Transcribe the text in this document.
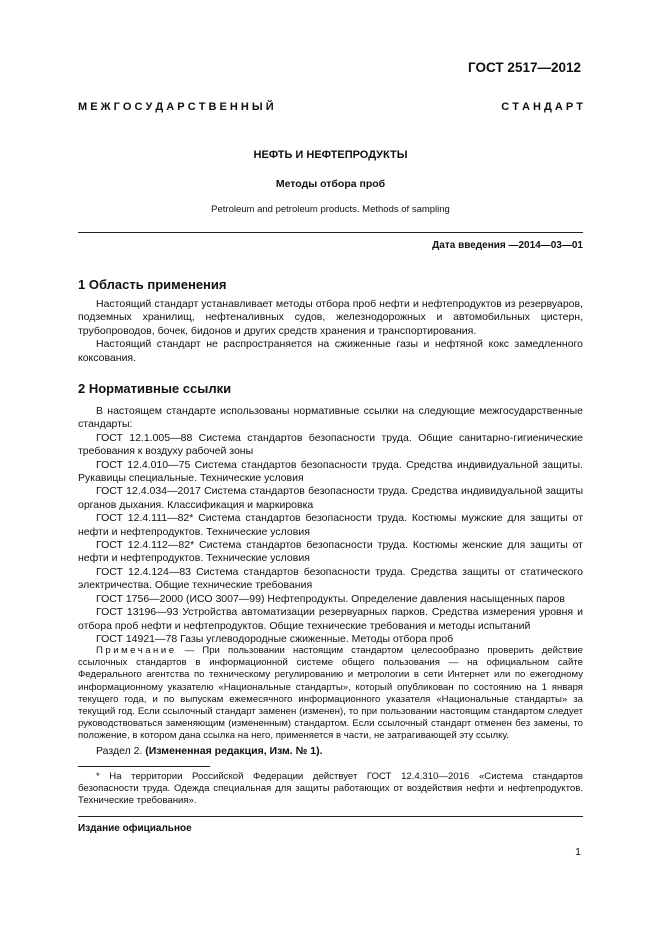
ГОСТ 2517—2012
М Е Ж Г О С У Д А Р С Т В Е Н Н Ы Й	С Т А Н Д А Р Т
НЕФТЬ И НЕФТЕПРОДУКТЫ
Методы отбора проб
Petroleum and petroleum products. Methods of sampling
Дата введения —2014—03—01
1 Область применения

Настоящий стандарт устанавливает методы отбора проб нефти и нефтепродуктов из резервуаров, подземных хранилищ, нефтеналивных судов, железнодорожных и автомобильных цистерн, трубопроводов, бочек, бидонов и других средств хранения и транспортирования.

Настоящий стандарт не распространяется на сжиженные газы и нефтяной кокс замедленного коксования.

2 Нормативные ссылки

В настоящем стандарте использованы нормативные ссылки на следующие межгосударственные стандарты:

ГОСТ 12.1.005—88 Система стандартов безопасности труда. Общие санитарно-гигиенические требования к воздуху рабочей зоны

ГОСТ 12.4.010—75 Система стандартов безопасности труда. Средства индивидуальной защиты. Рукавицы специальные. Технические условия

ГОСТ 12.4.034—2017 Система стандартов безопасности труда. Средства индивидуальной защиты органов дыхания. Классификация и маркировка

ГОСТ 12.4.111—82* Система стандартов безопасности труда. Костюмы мужские для защиты от нефти и нефтепродуктов. Технические условия

ГОСТ 12.4.112—82* Система стандартов безопасности труда. Костюмы женские для защиты от нефти и нефтепродуктов. Технические условия

ГОСТ 12.4.124—83 Система стандартов безопасности труда. Средства защиты от статического электричества. Общие технические требования

ГОСТ 1756—2000 (ИСО 3007—99) Нефтепродукты. Определение давления насыщенных паров

ГОСТ 13196—93 Устройства автоматизации резервуарных парков. Средства измерения уровня и отбора проб нефти и нефтепродуктов. Общие технические требования и методы испытаний

ГОСТ 14921—78 Газы углеводородные сжиженные. Методы отбора проб

Примечание — При пользовании настоящим стандартом целесообразно проверить действие ссылочных стандартов в информационной системе общего пользования — на официальном сайте Федерального агентства по техническому регулированию и метрологии в сети Интернет или по ежегодному информационному указателю «Национальные стандарты», который опубликован по состоянию на 1 января текущего года, и по выпускам ежемесячного информационного указателя «Национальные стандарты» за текущий год. Если ссылочный стандарт заменен (изменен), то при пользовании настоящим стандартом следует руководствоваться заменяющим (измененным) стандартом. Если ссылочный стандарт отменен без замены, то положение, в котором дана ссылка на него, применяется в части, не затрагивающей эту ссылку.

Раздел 2. (Измененная редакция, Изм. № 1).

* На территории Российской Федерации действует ГОСТ 12.4.310—2016 «Система стандартов безопасности труда. Одежда специальная для защиты работающих от воздействия нефти и нефтепродуктов. Технические требования».

Издание официальное
1
